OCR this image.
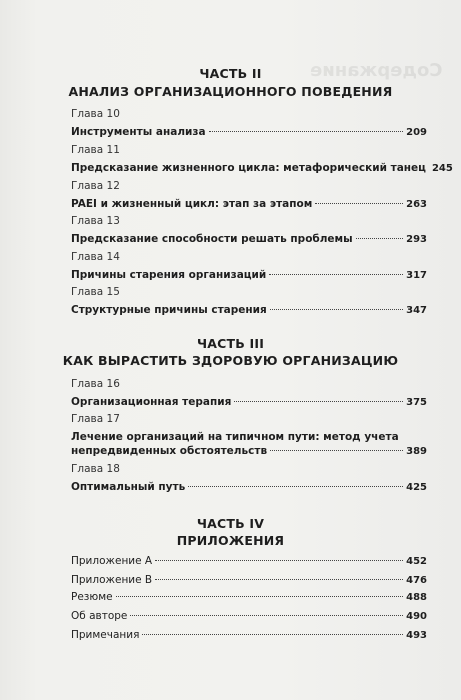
Содержание
ЧАСТЬ II
АНАЛИЗ ОРГАНИЗАЦИОННОГО ПОВЕДЕНИЯ
Глава 10
Инструменты анализа	209
Глава 11
Предсказание жизненного цикла: метафорический танец 245
Глава 12
PAEI и жизненный цикл: этап за этапом	263
Глава 13
Предсказание способности решать проблемы	293
Глава 14
Причины старения организаций	317
Глава 15
Структурные причины старения	347
ЧАСТЬ III
КАК ВЫРАСТИТЬ ЗДОРОВУЮ ОРГАНИЗАЦИЮ
Глава 16
Организационная терапия	375
Глава 17
Лечение организаций на типичном пути: метод учета
непредвиденных обстоятельств	389
Глава 18
Оптимальный путь	425
ЧАСТЬ IV
ПРИЛОЖЕНИЯ
Приложение А	452
Приложение В	476
Резюме	488
Об авторе	490
Примечания	493
